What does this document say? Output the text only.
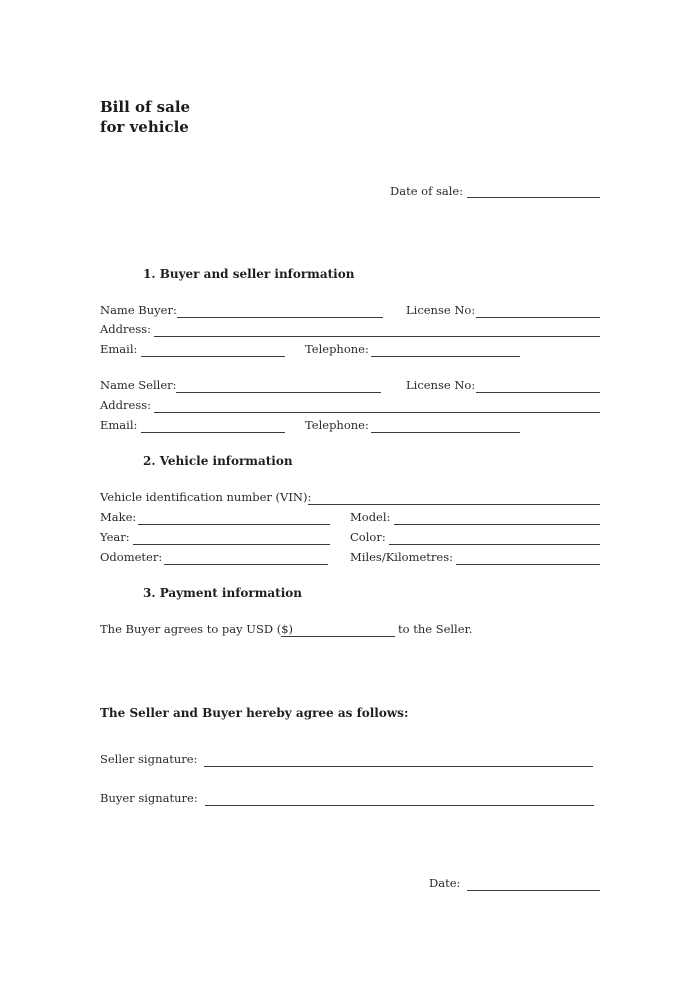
Bill of sale
for vehicle
Date of sale:
1. Buyer and seller information
Name Buyer:	License No:
Address:
Email:	Telephone:
Name Seller:	License No:
Address:
Email:	Telephone:
2. Vehicle information
Vehicle identification number (VIN):
Make:	Model:
Year:	Color:
Odometer:	Miles/Kilometres:
3. Payment information
The Buyer agrees to pay USD ($)	to the Seller.
The Seller and Buyer hereby agree as follows:
Seller signature:
Buyer signature:
Date:
